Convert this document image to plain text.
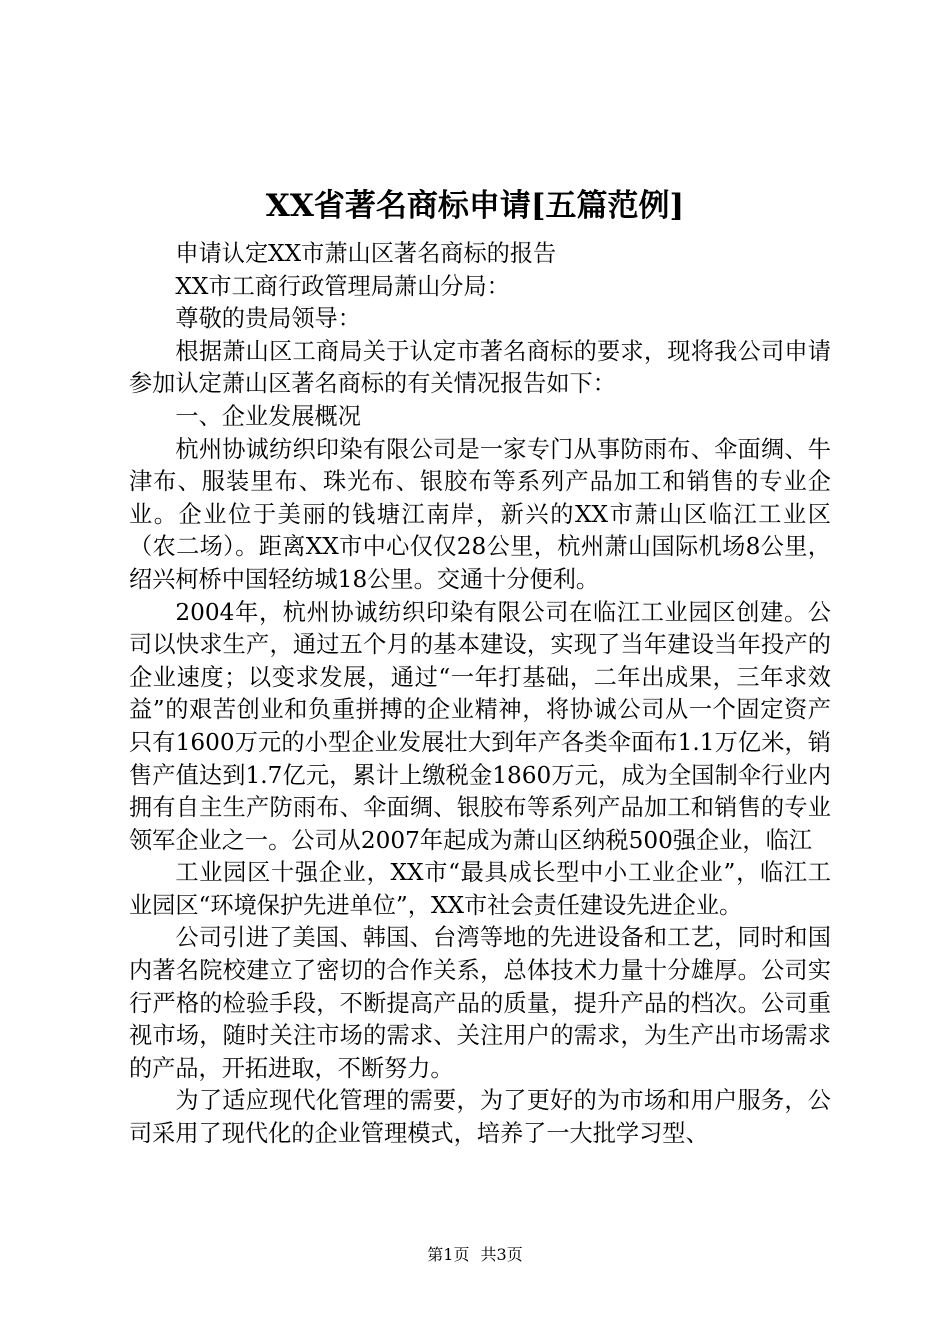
XX省著名商标申请[五篇范例]

申请认定XX市萧山区著名商标的报告

XX市工商行政管理局萧山分局：

尊敬的贵局领导：

根据萧山区工商局关于认定市著名商标的要求，现将我公司申请参加认定萧山区著名商标的有关情况报告如下：

一、企业发展概况

杭州协诚纺织印染有限公司是一家专门从事防雨布、伞面绸、牛津布、服装里布、珠光布、银胶布等系列产品加工和销售的专业企业。企业位于美丽的钱塘江南岸，新兴的XX市萧山区临江工业区（农二场）。距离XX市中心仅仅28公里，杭州萧山国际机场8公里，绍兴柯桥中国轻纺城18公里。交通十分便利。

2004年，杭州协诚纺织印染有限公司在临江工业园区创建。公司以快求生产，通过五个月的基本建设，实现了当年建设当年投产的企业速度；以变求发展，通过“一年打基础，二年出成果，三年求效益”的艰苦创业和负重拼搏的企业精神，将协诚公司从一个固定资产只有1600万元的小型企业发展壮大到年产各类伞面布1.1万亿米，销售产值达到1.7亿元，累计上缴税金1860万元，成为全国制伞行业内拥有自主生产防雨布、伞面绸、银胶布等系列产品加工和销售的专业领军企业之一。公司从2007年起成为萧山区纳税500强企业，临江

工业园区十强企业，XX市“最具成长型中小工业企业”，临江工业园区“环境保护先进单位”，XX市社会责任建设先进企业。

公司引进了美国、韩国、台湾等地的先进设备和工艺，同时和国内著名院校建立了密切的合作关系，总体技术力量十分雄厚。公司实行严格的检验手段，不断提高产品的质量，提升产品的档次。公司重视市场，随时关注市场的需求、关注用户的需求，为生产出市场需求的产品，开拓进取，不断努力。

为了适应现代化管理的需要，为了更好的为市场和用户服务，公司采用了现代化的企业管理模式，培养了一大批学习型、

第1页 共3页
